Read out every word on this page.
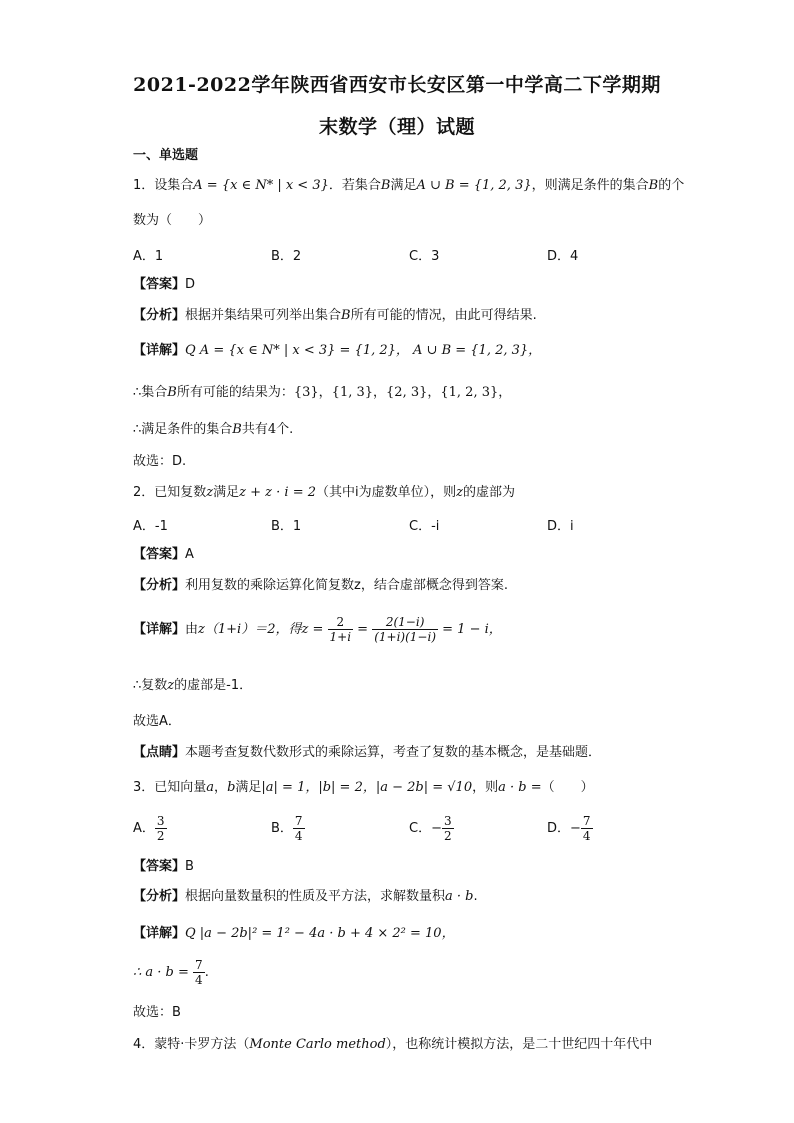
2021-2022学年陕西省西安市长安区第一中学高二下学期期
末数学（理）试题
一、单选题
1．设集合A = {x ∈ N* | x < 3}．若集合B满足A ∪ B = {1, 2, 3}，则满足条件的集合B的个
数为（　　）
A．1	B．2	C．3	D．4
【答案】D
【分析】根据并集结果可列举出集合B所有可能的情况，由此可得结果.
【详解】Q A = {x ∈ N* | x < 3} = {1, 2}， A ∪ B = {1, 2, 3}，
∴集合B所有可能的结果为：{3}，{1, 3}，{2, 3}，{1, 2, 3}，
∴满足条件的集合B共有4个.
故选：D.
2．已知复数z满足z + z · i = 2（其中i为虚数单位），则z的虚部为
A．-1	B．1	C．-i	D．i
【答案】A
【分析】利用复数的乘除运算化简复数z，结合虚部概念得到答案.
【详解】由z（1+i）＝2，得$z = \frac{2}{1+i} = \frac{2(1-i)}{(1+i)(1-i)} = 1 - i$，
∴复数z的虚部是-1．
故选A．
【点睛】本题考查复数代数形式的乘除运算，考查了复数的基本概念，是基础题．
3．已知向量a，b满足|a| = 1，|b| = 2，|a − 2b| = √10，则a · b =（　　）
A． $\frac{3}{2}$	B． $\frac{7}{4}$	C．− $\frac{3}{2}$	D．− $\frac{7}{4}$
【答案】B
【分析】根据向量数量积的性质及平方法，求解数量积a · b.
【详解】Q |a − 2b|² = 1² − 4a · b + 4 × 2² = 10，
∴ $a \cdot b = \frac{7}{4}$ .
故选：B
4．蒙特·卡罗方法（Monte Carlo method），也称统计模拟方法，是二十世纪四十年代中
